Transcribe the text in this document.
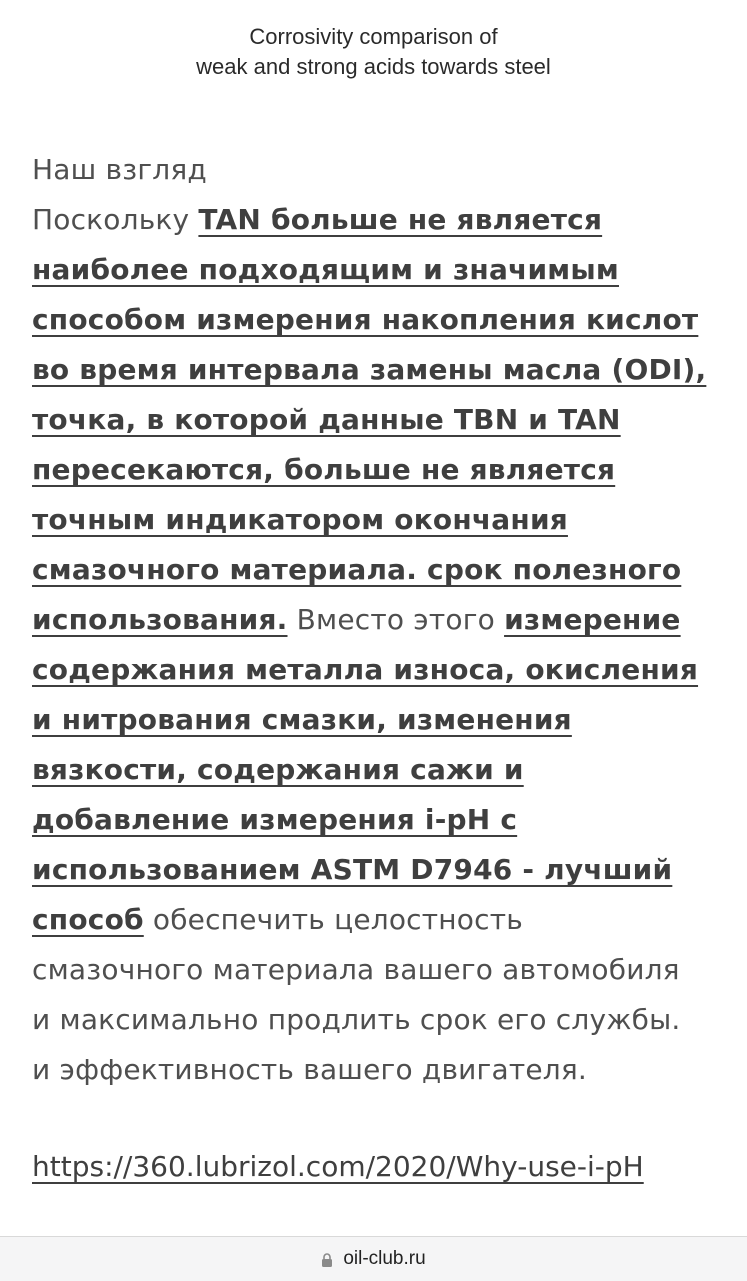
Corrosivity comparison of
weak and strong acids towards steel
Наш взгляд
Поскольку TAN больше не является
наиболее подходящим и значимым
способом измерения накопления кислот
во время интервала замены масла (ODI),
точка, в которой данные TBN и TAN
пересекаются, больше не является
точным индикатором окончания
смазочного материала. срок полезного
использования. Вместо этого измерение
содержания металла износа, окисления
и нитрования смазки, изменения
вязкости, содержания сажи и
добавление измерения i-pH с
использованием ASTM D7946 - лучший
способ обеспечить целостность
смазочного материала вашего автомобиля
и максимально продлить срок его службы.
и эффективность вашего двигателя.
https://360.lubrizol.com/2020/Why-use-i-pH
oil-club.ru
